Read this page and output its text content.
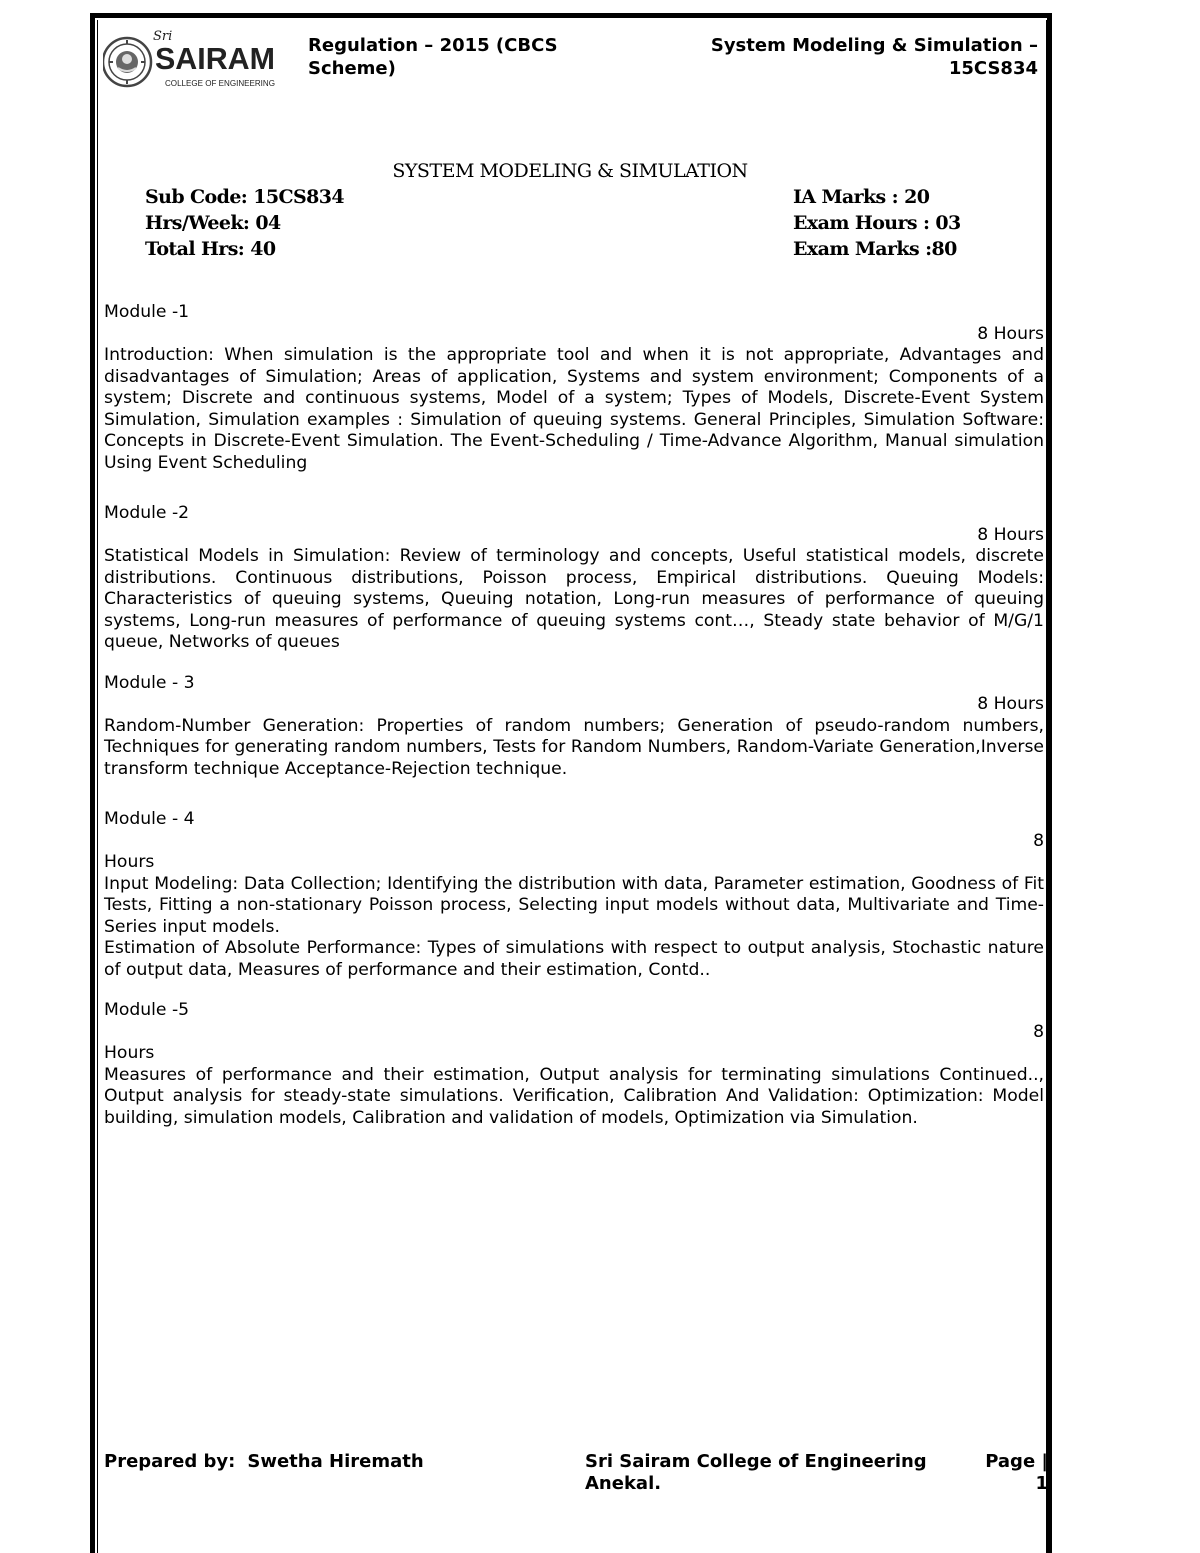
Sri
SAIRAM
COLLEGE OF ENGINEERING
Regulation – 2015 (CBCS Scheme)
System Modeling & Simulation – 15CS834
SYSTEM MODELING & SIMULATION
Sub Code: 15CS834
Hrs/Week: 04
Total Hrs: 40
IA Marks : 20
Exam Hours : 03
Exam Marks :80

Module -1

8 Hours

Introduction: When simulation is the appropriate tool and when it is not appropriate, Advantages and disadvantages of Simulation; Areas of application, Systems and system environment; Components of a system; Discrete and continuous systems, Model of a system; Types of Models, Discrete-Event System Simulation, Simulation examples : Simulation of queuing systems. General Principles, Simulation Software: Concepts in Discrete-Event Simulation. The Event-Scheduling / Time-Advance Algorithm, Manual simulation Using Event Scheduling

Module -2

8 Hours

Statistical Models in Simulation: Review of terminology and concepts, Useful statistical models, discrete distributions. Continuous distributions, Poisson process, Empirical distributions. Queuing Models: Characteristics of queuing systems, Queuing notation, Long-run measures of performance of queuing systems, Long-run measures of performance of queuing systems cont…, Steady state behavior of M/G/1 queue, Networks of queues

Module - 3

8 Hours

Random-Number Generation: Properties of random numbers; Generation of pseudo-random numbers, Techniques for generating random numbers, Tests for Random Numbers, Random-Variate Generation,Inverse transform technique Acceptance-Rejection technique.

Module - 4

8

Hours

Input Modeling: Data Collection; Identifying the distribution with data, Parameter estimation, Goodness of Fit Tests, Fitting a non-stationary Poisson process, Selecting input models without data, Multivariate and Time-Series input models.

Estimation of Absolute Performance: Types of simulations with respect to output analysis, Stochastic nature of output data, Measures of performance and their estimation, Contd..

Module -5

8

Hours

Measures of performance and their estimation, Output analysis for terminating simulations Continued.., Output analysis for steady-state simulations. Verification, Calibration And Validation: Optimization: Model building, simulation models, Calibration and validation of models, Optimization via Simulation.

Prepared by: Swetha Hiremath	Sri Sairam College of Engineering
Anekal.
Page |
1
